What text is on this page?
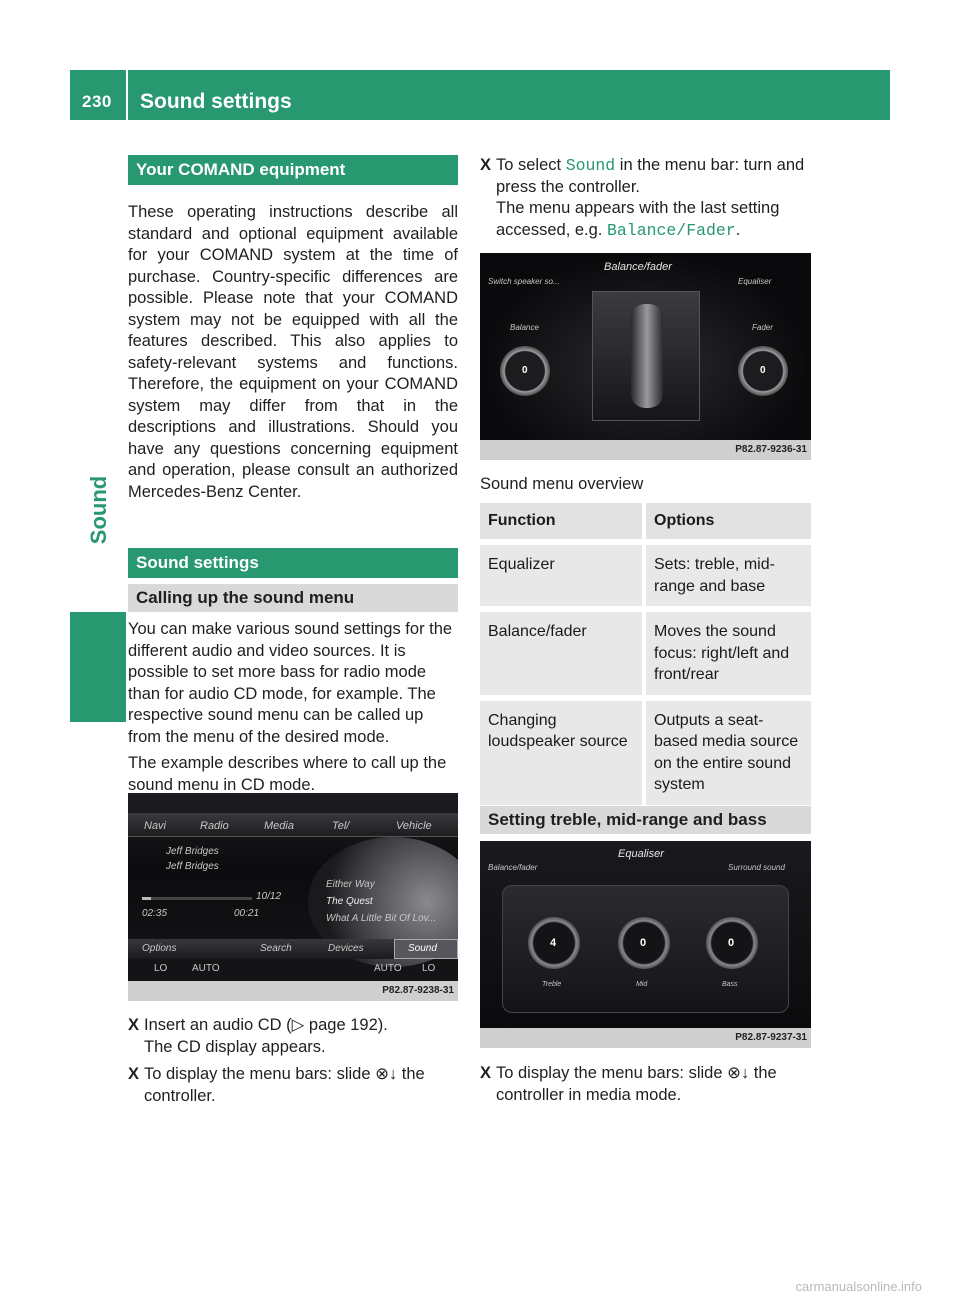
230 Sound settings
Sound
Your COMAND equipment

These operating instructions describe all standard and optional equipment available for your COMAND system at the time of purchase. Country-specific differences are possible. Please note that your COMAND system may not be equipped with all the features described. This also applies to safety-relevant systems and functions. Therefore, the equipment on your COMAND system may differ from that in the descriptions and illustrations. Should you have any questions concerning equipment and operation, please consult an authorized Mercedes-Benz Center.

Sound settings
Calling up the sound menu

You can make various sound settings for the different audio and video sources. It is possible to set more bass for radio mode than for audio CD mode, for example. The respective sound menu can be called up from the menu of the desired mode.

The example describes where to call up the sound menu in CD mode.

Navi	Radio	Media	Tel/	Vehicle
Jeff Bridges
Jeff Bridges
10/12
02:35	00:21
Either Way
The Quest
What A Little Bit Of Lov...
Options	Search	Devices	Sound
LO AUTO	AUTO LO
P82.87-9238-31
X Insert an audio CD (▷ page 192).
The CD display appears.
X To display the menu bars: slide ⊗↓ the controller.
X To select Sound in the menu bar: turn and press the controller.
The menu appears with the last setting accessed, e.g. Balance/Fader.
Balance/fader
Switch speaker so...	Equaliser
Balance	Fader
0	0
P82.87-9236-31
Sound menu overview
Function	Options
Equalizer	Sets: treble, mid-range and base
Balance/fader	Moves the sound focus: right/left and front/rear
Changing loudspeaker source	Outputs a seat-based media source on the entire sound system
Setting treble, mid-range and bass
Equaliser
Balance/fader	Surround sound
4
Treble
0
Mid
0
Bass
P82.87-9237-31
X To display the menu bars: slide ⊗↓ the controller in media mode.
carmanualsonline.info
